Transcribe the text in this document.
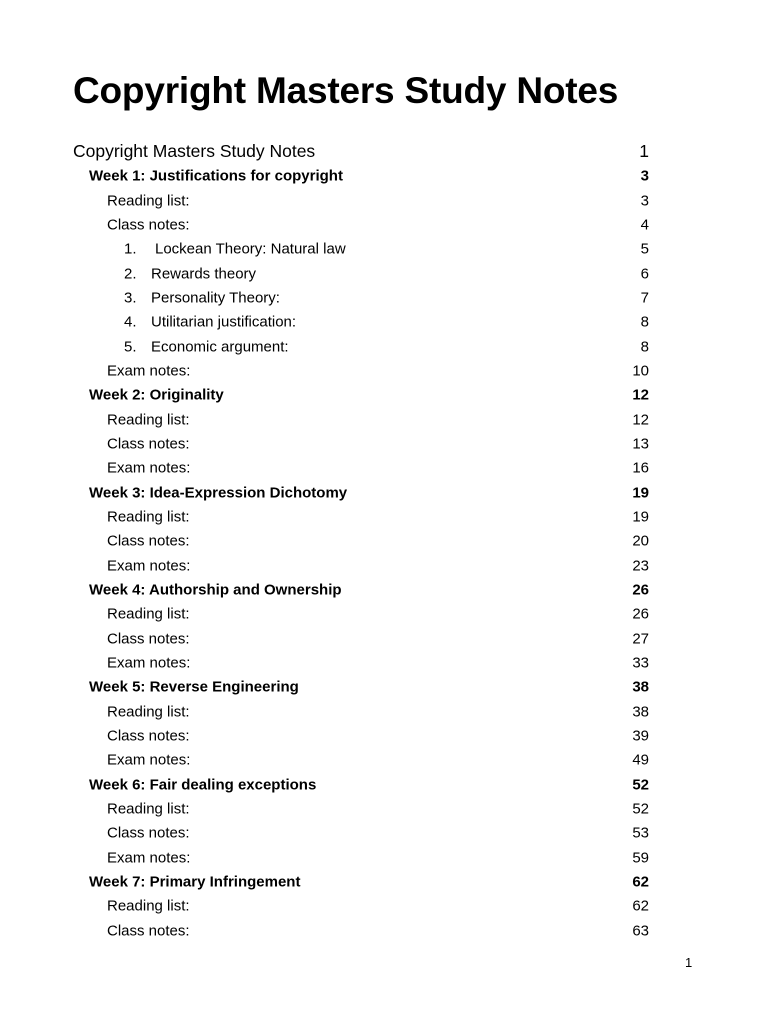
Copyright Masters Study Notes
Copyright Masters Study Notes	1
Week 1: Justifications for copyright	3
Reading list:	3
Class notes:	4
1. Lockean Theory: Natural law	5
2. Rewards theory	6
3. Personality Theory:	7
4. Utilitarian justification:	8
5. Economic argument:	8
Exam notes:	10
Week 2: Originality	12
Reading list:	12
Class notes:	13
Exam notes:	16
Week 3: Idea-Expression Dichotomy	19
Reading list:	19
Class notes:	20
Exam notes:	23
Week 4: Authorship and Ownership	26
Reading list:	26
Class notes:	27
Exam notes:	33
Week 5: Reverse Engineering	38
Reading list:	38
Class notes:	39
Exam notes:	49
Week 6: Fair dealing exceptions	52
Reading list:	52
Class notes:	53
Exam notes:	59
Week 7: Primary Infringement	62
Reading list:	62
Class notes:	63
1
